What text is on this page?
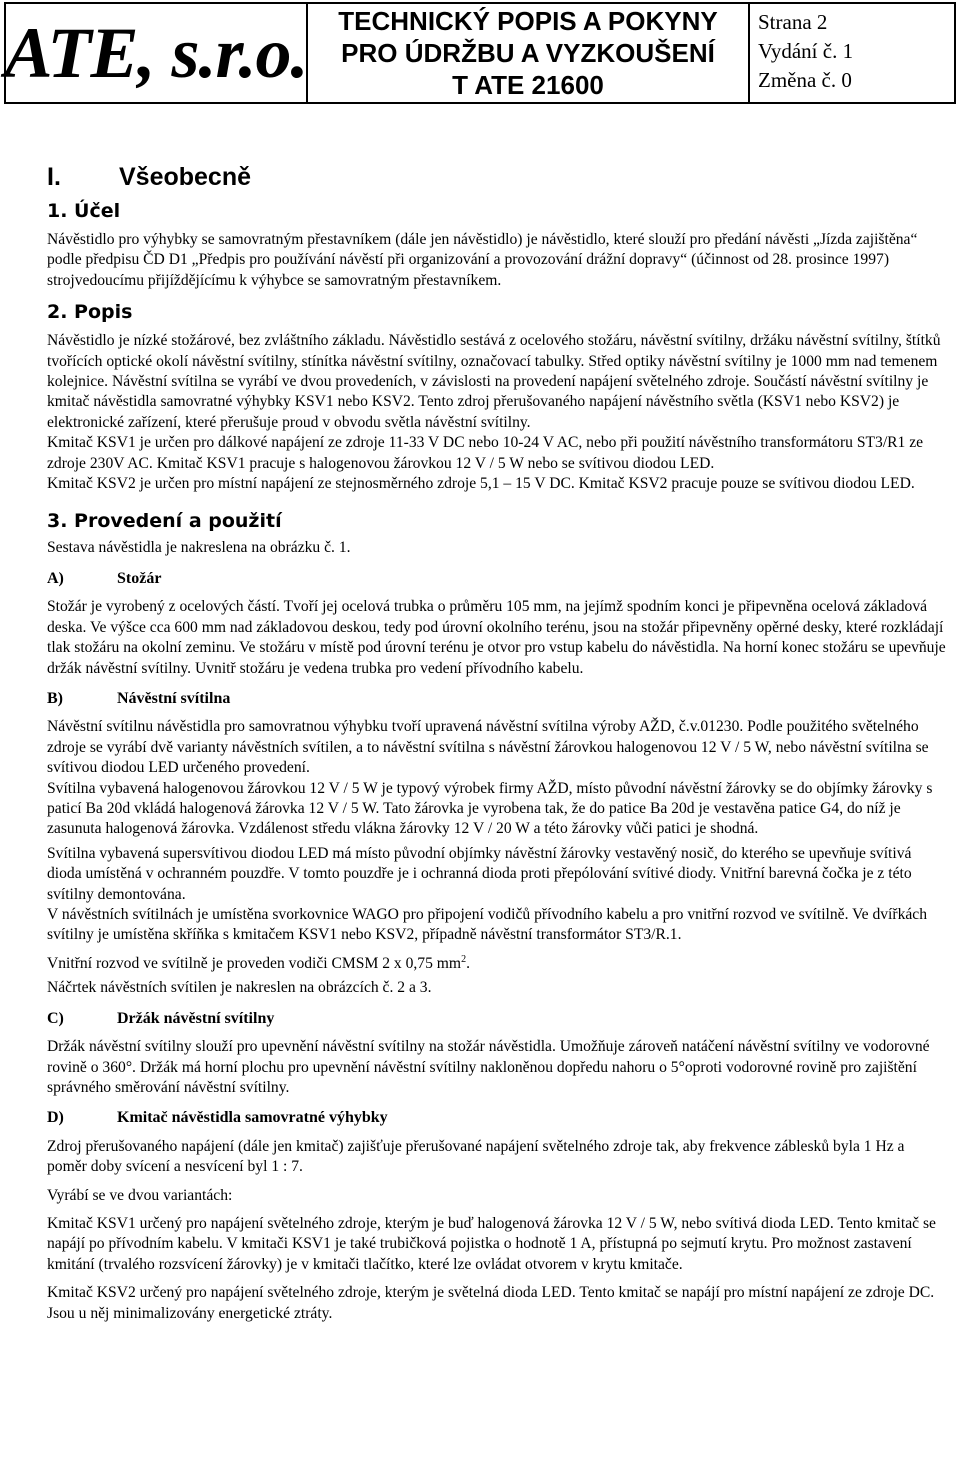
ATE, s.r.o. TECHNICKÝ POPIS A POKYNY
PRO ÚDRŽBU A VYZKOUŠENÍ
T ATE 21600
Strana 2
Vydání č. 1
Změna č. 0
I. Všeobecně
1. Účel

Návěstidlo pro výhybky se samovratným přestavníkem (dále jen návěstidlo) je návěstidlo, které slouží pro předání návěsti „Jízda zajištěna“ podle předpisu ČD D1 „Předpis pro používání návěstí při organizování a provozování drážní dopravy“ (účinnost od 28. prosince 1997) strojvedoucímu přijíždějícímu k výhybce se samovratným přestavníkem.

2. Popis

Návěstidlo je nízké stožárové, bez zvláštního základu. Návěstidlo sestává z ocelového stožáru, návěstní svítilny, držáku návěstní svítilny, štítků tvořících optické okolí návěstní svítilny, stínítka návěstní svítilny, označovací tabulky. Střed optiky návěstní svítilny je 1000 mm nad temenem kolejnice. Návěstní svítilna se vyrábí ve dvou provedeních, v závislosti na provedení napájení světelného zdroje. Součástí návěstní svítilny je kmitač návěstidla samovratné výhybky KSV1 nebo KSV2. Tento zdroj přerušovaného napájení návěstního světla (KSV1 nebo KSV2) je elektronické zařízení, které přerušuje proud v obvodu světla návěstní svítilny.

Kmitač KSV1 je určen pro dálkové napájení ze zdroje 11-33 V DC nebo 10-24 V AC, nebo při použití návěstního transformátoru ST3/R1 ze zdroje 230V AC. Kmitač KSV1 pracuje s halogenovou žárovkou 12 V / 5 W nebo se svítivou diodou LED.

Kmitač KSV2 je určen pro místní napájení ze stejnosměrného zdroje 5,1 – 15 V DC. Kmitač KSV2 pracuje pouze se svítivou diodou LED.

3. Provedení a použití

Sestava návěstidla je nakreslena na obrázku č. 1.

A)	Stožár

Stožár je vyrobený z ocelových částí. Tvoří jej ocelová trubka o průměru 105 mm, na jejímž spodním konci je připevněna ocelová základová deska. Ve výšce cca 600 mm nad základovou deskou, tedy pod úrovní okolního terénu, jsou na stožár připevněny opěrné desky, které rozkládají tlak stožáru na okolní zeminu. Ve stožáru v místě pod úrovní terénu je otvor pro vstup kabelu do návěstidla. Na horní konec stožáru se upevňuje držák návěstní svítilny. Uvnitř stožáru je vedena trubka pro vedení přívodního kabelu.

B)	Návěstní svítilna

Návěstní svítilnu návěstidla pro samovratnou výhybku tvoří upravená návěstní svítilna výroby AŽD, č.v.01230. Podle použitého světelného zdroje se vyrábí dvě varianty návěstních svítilen, a to návěstní svítilna s návěstní žárovkou halogenovou 12 V / 5 W, nebo návěstní svítilna se svítivou diodou LED určeného provedení.

Svítilna vybavená halogenovou žárovkou 12 V / 5 W je typový výrobek firmy AŽD, místo původní návěstní žárovky se do objímky žárovky s paticí Ba 20d vkládá halogenová žárovka 12 V / 5 W. Tato žárovka je vyrobena tak, že do patice Ba 20d je vestavěna patice G4, do níž je zasunuta halogenová žárovka. Vzdálenost středu vlákna žárovky 12 V / 20 W a této žárovky vůči patici je shodná.

Svítilna vybavená supersvítivou diodou LED má místo původní objímky návěstní žárovky vestavěný nosič, do kterého se upevňuje svítivá dioda umístěná v ochranném pouzdře. V tomto pouzdře je i ochranná dioda proti přepólování svítivé diody. Vnitřní barevná čočka je z této svítilny demontována.

V návěstních svítilnách je umístěna svorkovnice WAGO pro připojení vodičů přívodního kabelu a pro vnitřní rozvod ve svítilně. Ve dvířkách svítilny je umístěna skříňka s kmitačem KSV1 nebo KSV2, případně návěstní transformátor ST3/R.1.

Vnitřní rozvod ve svítilně je proveden vodiči CMSM 2 x 0,75 $mm^2$.

Náčrtek návěstních svítilen je nakreslen na obrázcích č. 2 a 3.

C)	Držák návěstní svítilny

Držák návěstní svítilny slouží pro upevnění návěstní svítilny na stožár návěstidla. Umožňuje zároveň natáčení návěstní svítilny ve vodorovné rovině o 360°. Držák má horní plochu pro upevnění návěstní svítilny nakloněnou dopředu nahoru o 5°oproti vodorovné rovině pro zajištění správného směrování návěstní svítilny.

D)	Kmitač návěstidla samovratné výhybky

Zdroj přerušovaného napájení (dále jen kmitač) zajišťuje přerušované napájení světelného zdroje tak, aby frekvence záblesků byla 1 Hz a poměr doby svícení a nesvícení byl 1 : 7.

Vyrábí se ve dvou variantách:

Kmitač KSV1 určený pro napájení světelného zdroje, kterým je buď halogenová žárovka 12 V / 5 W, nebo svítivá dioda LED. Tento kmitač se napájí po přívodním kabelu. V kmitači KSV1 je také trubičková pojistka o hodnotě 1 A, přístupná po sejmutí krytu. Pro možnost zastavení kmitání (trvalého rozsvícení žárovky) je v kmitači tlačítko, které lze ovládat otvorem v krytu kmitače.

Kmitač KSV2 určený pro napájení světelného zdroje, kterým je světelná dioda LED. Tento kmitač se napájí pro místní napájení ze zdroje DC. Jsou u něj minimalizovány energetické ztráty.
